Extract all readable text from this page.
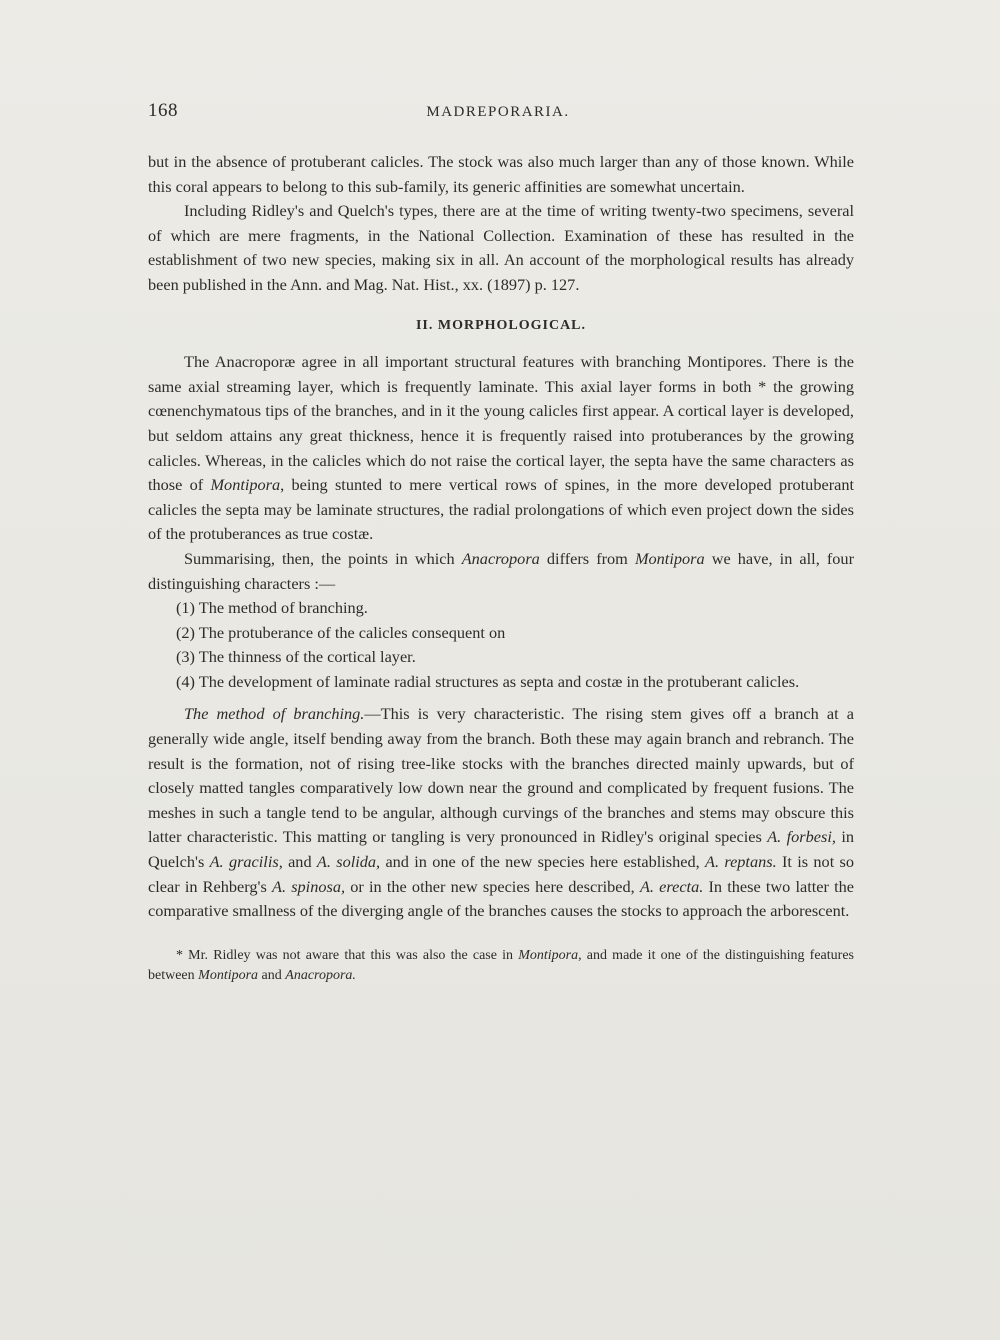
168	MADREPORARIA.

but in the absence of protuberant calicles. The stock was also much larger than any of those known. While this coral appears to belong to this sub-family, its generic affinities are somewhat uncertain.

Including Ridley's and Quelch's types, there are at the time of writing twenty-two specimens, several of which are mere fragments, in the National Collection. Examination of these has resulted in the establishment of two new species, making six in all. An account of the morphological results has already been published in the Ann. and Mag. Nat. Hist., xx. (1897) p. 127.

II. MORPHOLOGICAL.

The Anacroporæ agree in all important structural features with branching Montipores. There is the same axial streaming layer, which is frequently laminate. This axial layer forms in both * the growing cœnenchymatous tips of the branches, and in it the young calicles first appear. A cortical layer is developed, but seldom attains any great thickness, hence it is frequently raised into protuberances by the growing calicles. Whereas, in the calicles which do not raise the cortical layer, the septa have the same characters as those of Montipora, being stunted to mere vertical rows of spines, in the more developed protuberant calicles the septa may be laminate structures, the radial prolongations of which even project down the sides of the protuberances as true costæ.

Summarising, then, the points in which Anacropora differs from Montipora we have, in all, four distinguishing characters :—

(1) The method of branching.

(2) The protuberance of the calicles consequent on

(3) The thinness of the cortical layer.

(4) The development of laminate radial structures as septa and costæ in the protuberant calicles.

The method of branching.—This is very characteristic. The rising stem gives off a branch at a generally wide angle, itself bending away from the branch. Both these may again branch and rebranch. The result is the formation, not of rising tree-like stocks with the branches directed mainly upwards, but of closely matted tangles comparatively low down near the ground and complicated by frequent fusions. The meshes in such a tangle tend to be angular, although curvings of the branches and stems may obscure this latter characteristic. This matting or tangling is very pronounced in Ridley's original species A. forbesi, in Quelch's A. gracilis, and A. solida, and in one of the new species here established, A. reptans. It is not so clear in Rehberg's A. spinosa, or in the other new species here described, A. erecta. In these two latter the comparative smallness of the diverging angle of the branches causes the stocks to approach the arborescent.

* Mr. Ridley was not aware that this was also the case in Montipora, and made it one of the distinguishing features between Montipora and Anacropora.
